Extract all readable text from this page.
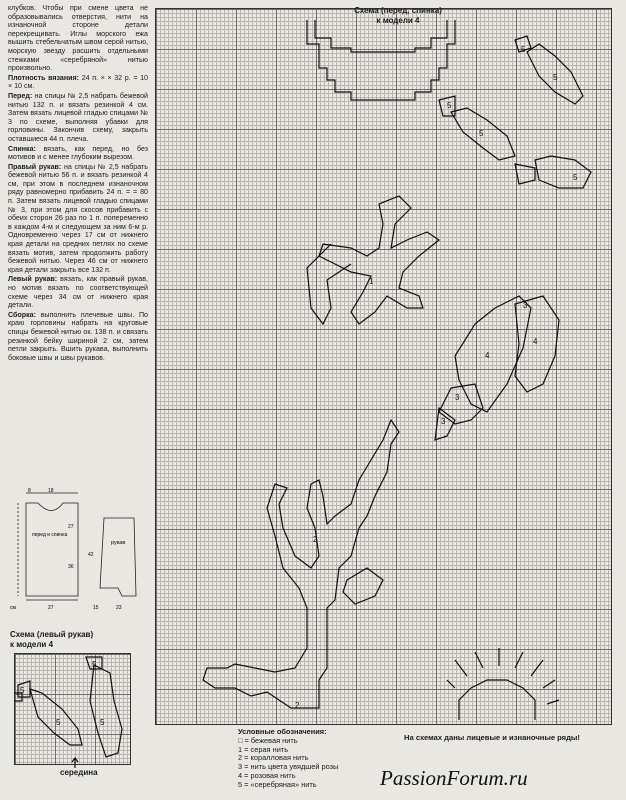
клубков. Чтобы при смене цвета не образовывались отверстия, нити на изнаночной стороне детали перекрещивать. Иглы морского ежа вышить стебельчатым швом серой нитью, морскую звезду расшить отдельными стежками «серебряной» нитью произвольно.

Плотность вязания: 24 п. × × 32 р. = 10 × 10 см.

Перед: на спицы № 2,5 набрать бежевой нитью 132 п. и вязать резинкой 4 см. Затем вязать лицевой гладью спицами № 3 по схеме, выполняя убавки для горловины. Закончив схему, закрыть оставшиеся 44 п. плеча.

Спинка: вязать, как перед, но без мотивов и с менее глубоким вырезом.

Правый рукав: на спицы № 2,5 набрать бежевой нитью 56 п. и вязать резинкой 4 см, при этом в последнем изнаночном ряду равномерно прибавить 24 п. = = 80 п. Затем вязать лицевой гладью спицами № 3, при этом для скосов прибавить с обеих сторон 26 раз по 1 п. попеременно в каждом 4-м и следующем за ним 6-м р. Одновременно через 17 см от нижнего края детали на средних петлях по схеме вязать мотив, затем продолжить работу бежевой нитью. Через 46 см от нижнего края детали закрыть все 132 п.

Левый рукав: вязать, как правый рукав, но мотив вязать по соответствующей схеме через 34 см от нижнего края детали.

Сборка: выполнить плечевые швы. По краю горловины набрать на круговые спицы бежевой нитью ок. 138 п. и связать резинкой бейку шириной 2 см, затем петли закрыть. Вшить рукава, выполнить боковые швы и швы рукавов.

перед и спинка
рукав
18
8
27
36
42
27
см	23
15
Схема (перед, спинка)
к модели 4
5
5
5
5
5
1
3
4
4
3
3
2
2
Схема (левый рукав)
к модели 4
5	5
5
5
середина
Условные обозначения:
□ = бежевая нить
1 = серая нить
2 = коралловая нить
3 = нить цвета увядшей розы
4 = розовая нить
5 = «серебряная» нить
На схемах даны лицевые и изнаночные ряды!
PassionForum.ru
